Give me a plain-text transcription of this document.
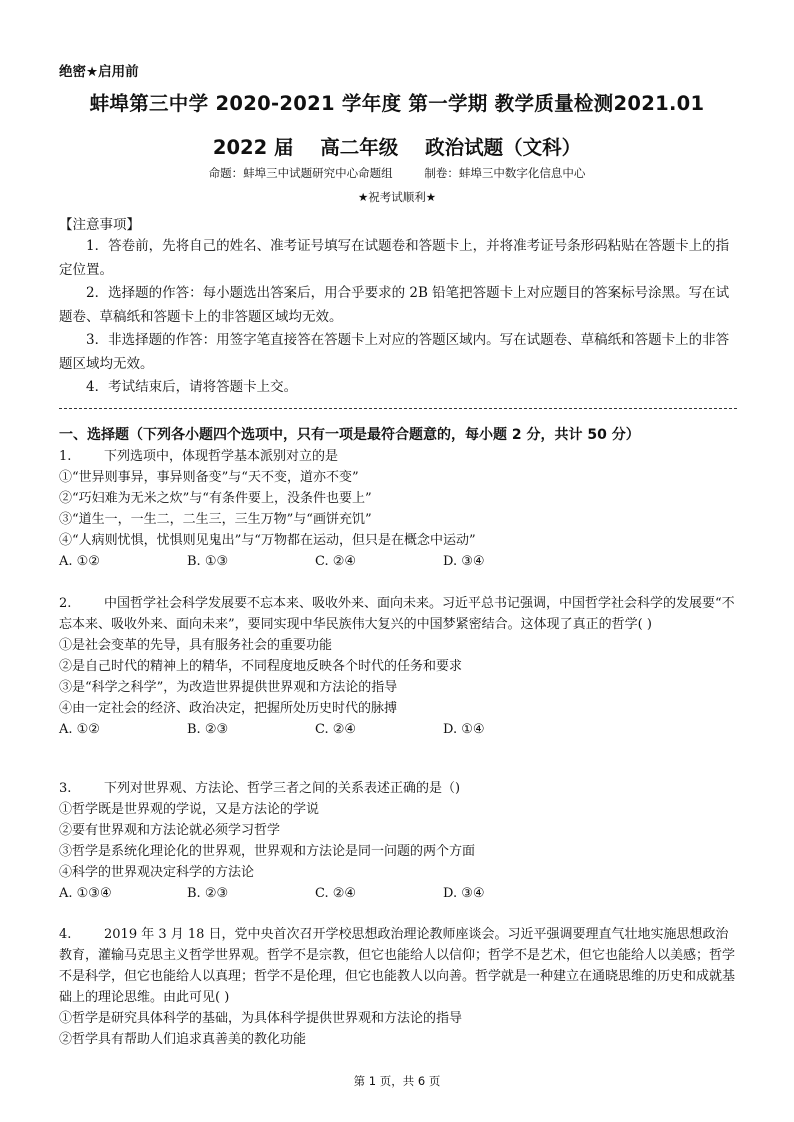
绝密★启用前
蚌埠第三中学 2020-2021 学年度 第一学期 教学质量检测2021.01
2022 届 高二年级 政治试题（文科）
命题：蚌埠三中试题研究中心命题组	制卷：蚌埠三中数字化信息中心
★祝考试顺利★
【注意事项】

1．答卷前，先将自己的姓名、准考证号填写在试题卷和答题卡上，并将准考证号条形码粘贴在答题卡上的指定位置。

2．选择题的作答：每小题选出答案后，用合乎要求的 2B 铅笔把答题卡上对应题目的答案标号涂黑。写在试题卷、草稿纸和答题卡上的非答题区域均无效。

3．非选择题的作答：用签字笔直接答在答题卡上对应的答题区域内。写在试题卷、草稿纸和答题卡上的非答题区域均无效。

4．考试结束后，请将答题卡上交。

一、选择题（下列各小题四个选项中，只有一项是最符合题意的，每小题 2 分，共计 50 分）

1.	下列选项中，体现哲学基本派别对立的是

①“世异则事异，事异则备变”与“天不变，道亦不变”

②“巧妇难为无米之炊”与“有条件要上，没条件也要上”

③“道生一，一生二，二生三，三生万物”与“画饼充饥”

④“人病则忧惧，忧惧则见鬼出”与“万物都在运动，但只是在概念中运动”

A. ①②	B. ①③	C. ②④	D. ③④

2.	中国哲学社会科学发展要不忘本来、吸收外来、面向未来。习近平总书记强调，中国哲学社会科学的发展要“不忘本来、吸收外来、面向未来”，要同实现中华民族伟大复兴的中国梦紧密结合。这体现了真正的哲学( )

①是社会变革的先导，具有服务社会的重要功能

②是自己时代的精神上的精华，不同程度地反映各个时代的任务和要求

③是“科学之科学”，为改造世界提供世界观和方法论的指导

④由一定社会的经济、政治决定，把握所处历史时代的脉搏

A. ①②	B. ②③	C. ②④	D. ①④

3.	下列对世界观、方法论、哲学三者之间的关系表述正确的是（)

①哲学既是世界观的学说，又是方法论的学说

②要有世界观和方法论就必须学习哲学

③哲学是系统化理论化的世界观，世界观和方法论是同一问题的两个方面

④科学的世界观决定科学的方法论

A. ①③④	B. ②③	C. ②④	D. ③④

4.	2019 年 3 月 18 日，党中央首次召开学校思想政治理论教师座谈会。习近平强调要理直气壮地实施思想政治教育，灌输马克思主义哲学世界观。哲学不是宗教，但它也能给人以信仰；哲学不是艺术，但它也能给人以美感；哲学不是科学，但它也能给人以真理；哲学不是伦理，但它也能教人以向善。哲学就是一种建立在通晓思维的历史和成就基础上的理论思维。由此可见( )

①哲学是研究具体科学的基础，为具体科学提供世界观和方法论的指导

②哲学具有帮助人们追求真善美的教化功能

第 1 页，共 6 页
